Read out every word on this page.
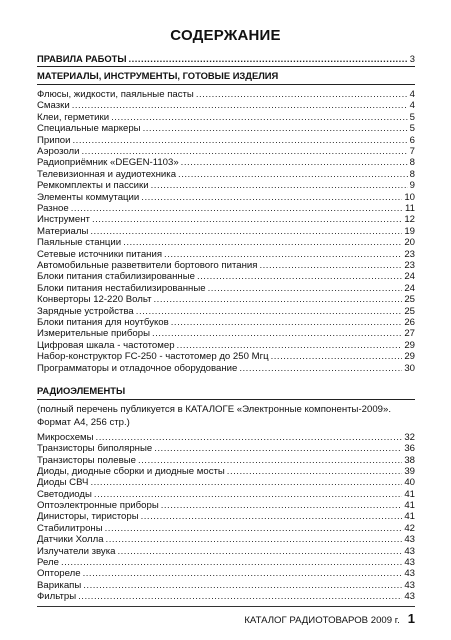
СОДЕРЖАНИЕ
ПРАВИЛА РАБОТЫ .....	3
МАТЕРИАЛЫ, ИНСТРУМЕНТЫ, ГОТОВЫЕ ИЗДЕЛИЯ
Флюсы, жидкости, паяльные пасты .....	4
Смазки .....	4
Клеи, герметики .....	5
Специальные маркеры .....	5
Припои .....	6
Аэрозоли .....	7
Радиоприёмник «DEGEN-1103» .....	8
Телевизионная и аудиотехника .....	8
Ремкомплекты и пассики .....	9
Элементы коммутации .....	10
Разное .....	11
Инструмент .....	12
Материалы .....	19
Паяльные станции .....	20
Сетевые источники питания .....	23
Автомобильные разветвители бортового питания .....	23
Блоки питания стабилизированные .....	24
Блоки питания нестабилизированные .....	24
Конверторы 12-220 Вольт .....	25
Зарядные устройства .....	25
Блоки питания для ноутбуков .....	26
Измерительные приборы .....	27
Цифровая шкала - частотомер .....	29
Набор-конструктор FC-250 - частотомер до 250 Мгц .....	29
Программаторы и отладочное оборудование .....	30
РАДИОЭЛЕМЕНТЫ
(полный перечень публикуется в КАТАЛОГЕ «Электронные компоненты-2009».
Формат А4, 256 стр.)
Микросхемы .....	32
Транзисторы биполярные .....	36
Транзисторы полевые .....	38
Диоды, диодные сборки и диодные мосты .....	39
Диоды СВЧ .....	40
Светодиоды .....	41
Оптоэлектронные приборы .....	41
Динисторы, тиристоры .....	41
Стабилитроны .....	42
Датчики Холла .....	43
Излучатели звука .....	43
Реле .....	43
Оптореле .....	43
Варикапы .....	43
Фильтры .....	43
КАТАЛОГ РАДИОТОВАРОВ 2009 г. 1
